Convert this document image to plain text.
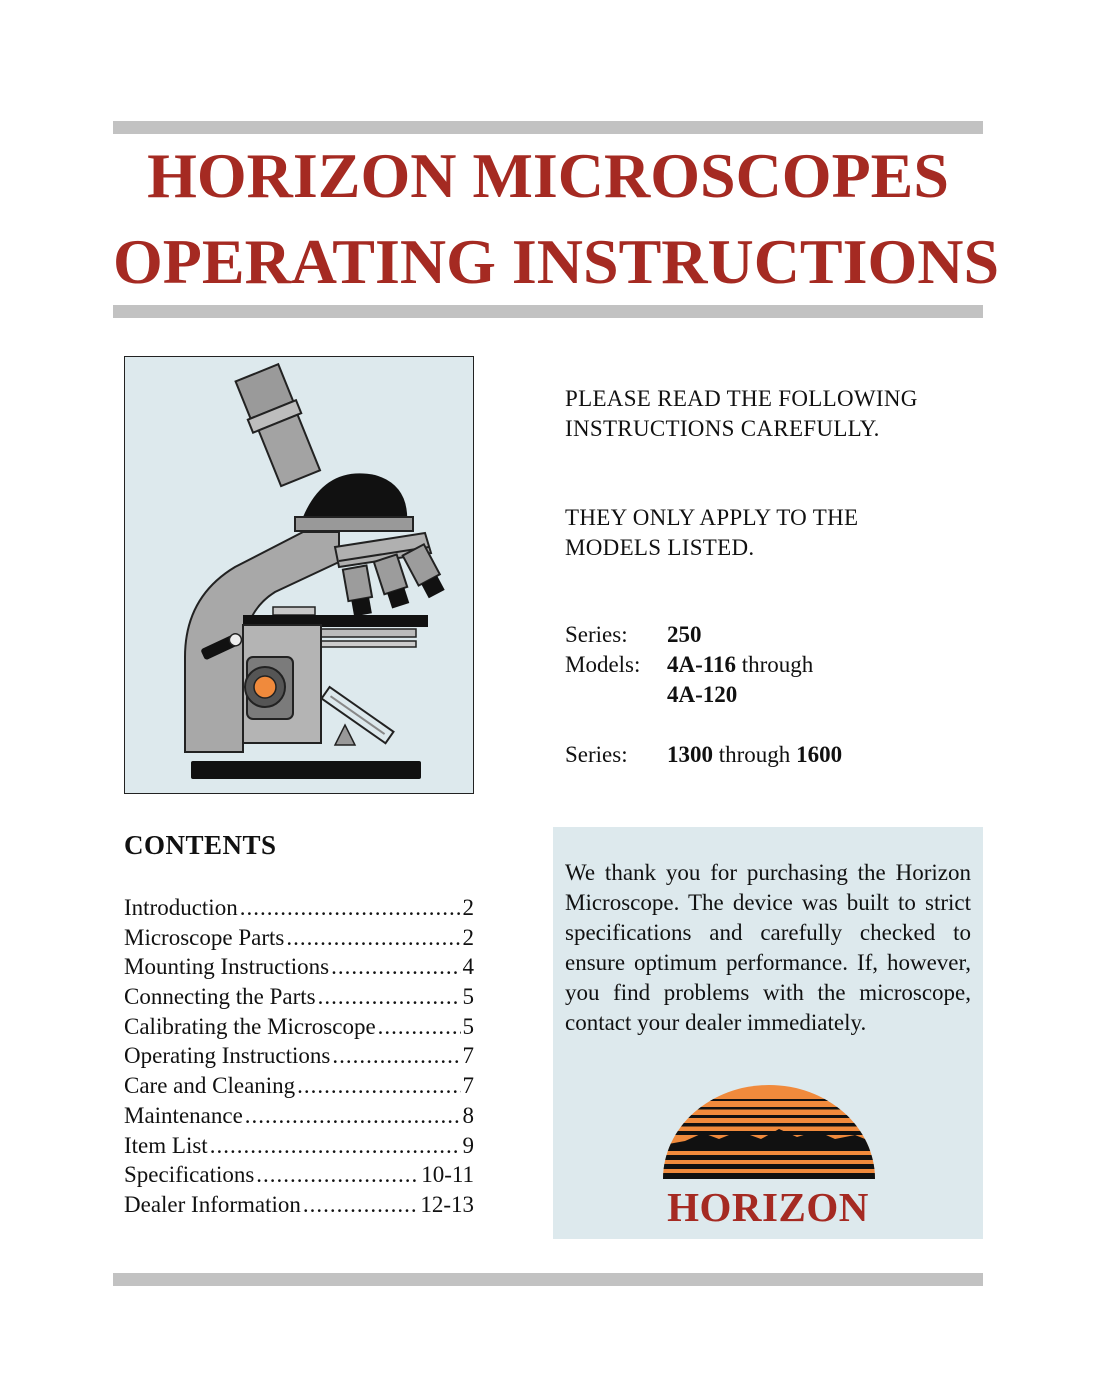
HORIZON MICROSCOPES
OPERATING INSTRUCTIONS
PLEASE READ THE FOLLOWING
INSTRUCTIONS CAREFULLY.
THEY ONLY APPLY TO THE
MODELS LISTED.
Series: 250
Models: 4A-116 through
4A-120
Series: 1300 through 1600
CONTENTS
Introduction .....	2
Microscope Parts .....	2
Mounting Instructions .....	4
Connecting the Parts .....	5
Calibrating the Microscope .....	5
Operating Instructions .....	7
Care and Cleaning .....	7
Maintenance .....	8
Item List .....	9
Specifications .....	10-11
Dealer Information .....	12-13

We thank you for purchasing the Horizon Microscope. The device was built to strict specifications and carefully checked to ensure optimum performance. If, however, you find problems with the microscope, contact your dealer immediately.

HORIZON
